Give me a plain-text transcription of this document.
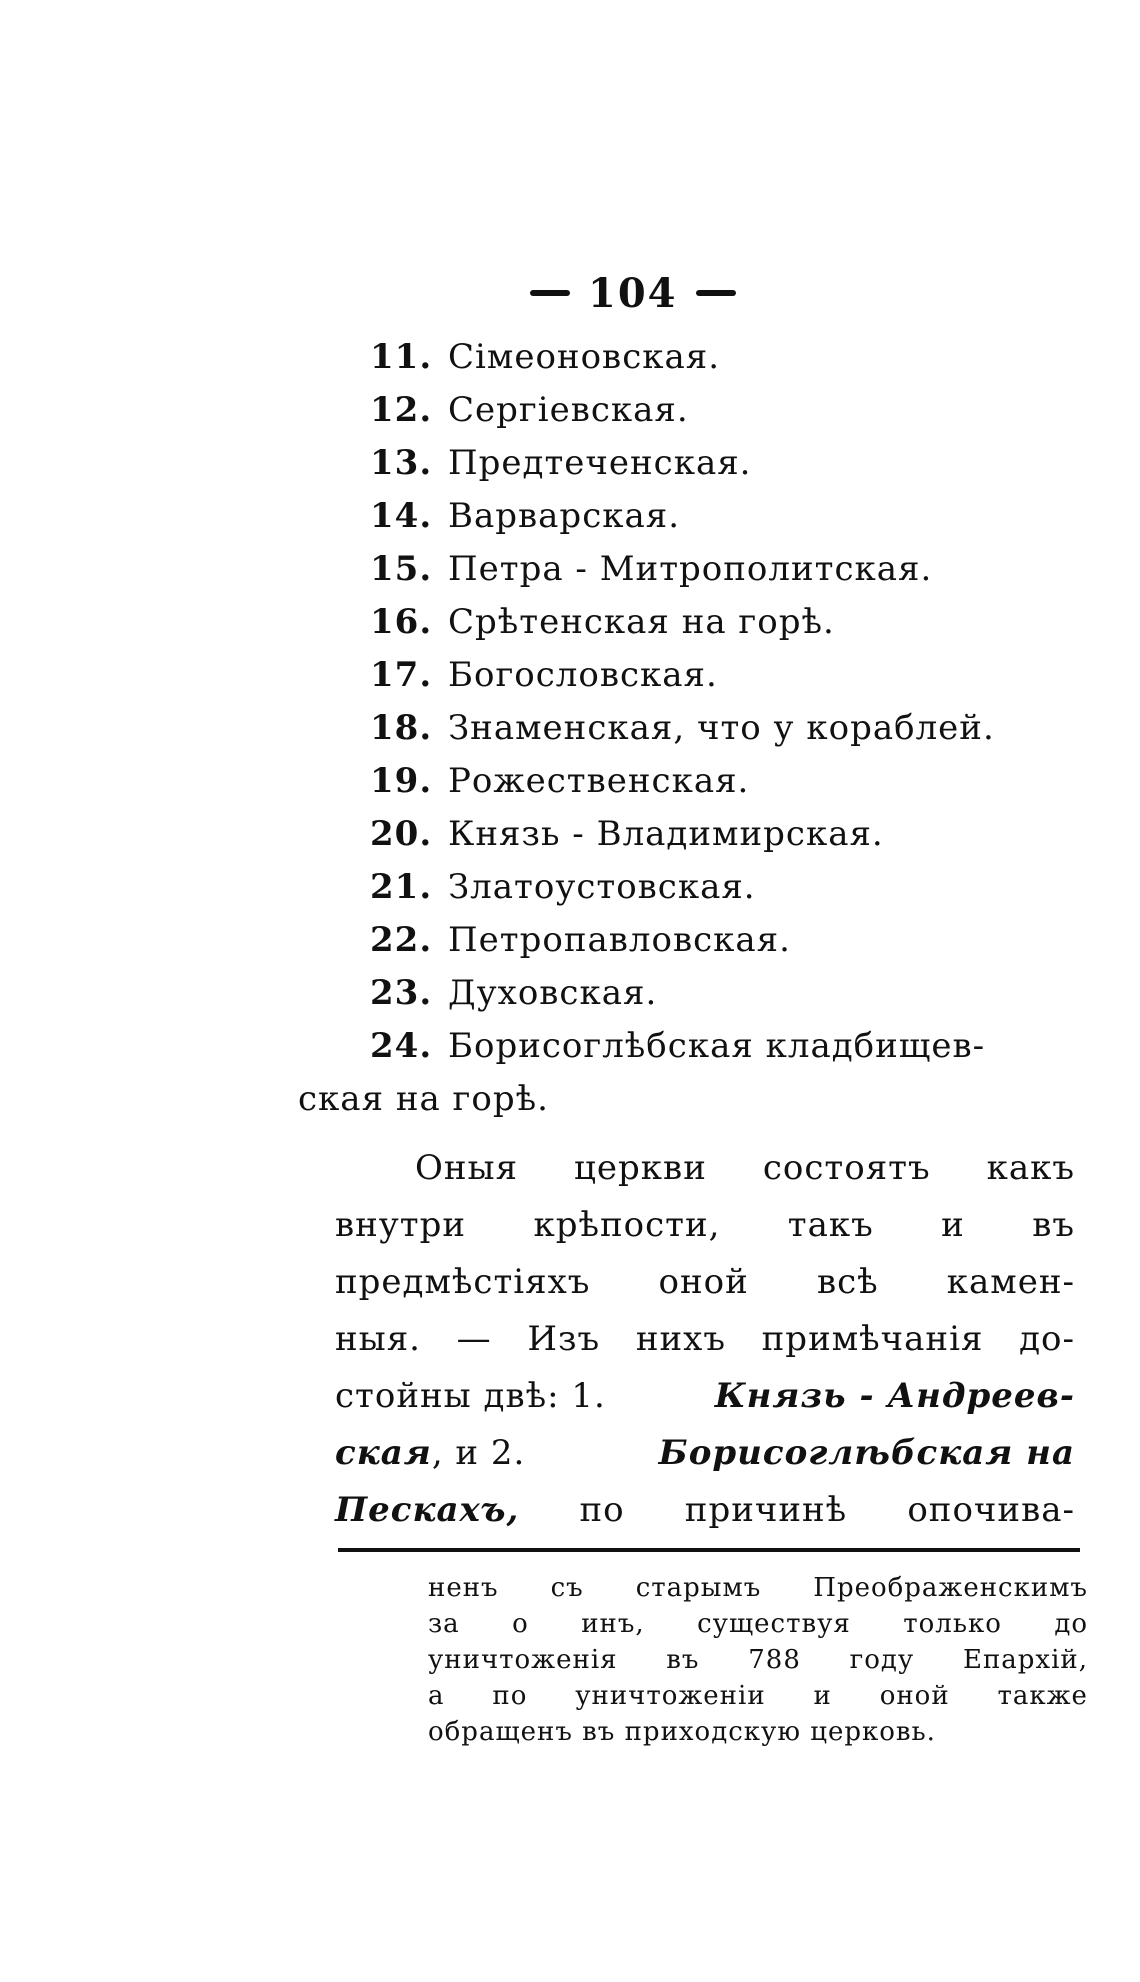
104
11. Сiмеоновская.
12. Сергiевская.
13. Предтеченская.
14. Варварская.
15. Петра - Митрополитская.
16. Срѣтенская на горѣ.
17. Богословская.
18. Знаменская, что у кораблей.
19. Рожественская.
20. Князь - Владимирская.
21. Златоустовская.
22. Петропавловская.
23. Духовская.
24. Борисоглѣбская кладбищев-
ская на горѣ.
Оныя церкви состоятъ какъ
внутри крѣпости, такъ и въ
предмѣстiяхъ оной всѣ камен-
ныя. — Изъ нихъ примѣчанiя до-
стойны двѣ: 1.	Князь - Андреев-
ская, и 2.	Борисоглѣбская на
Пескахъ, по причинѣ опочива-
ненъ съ старымъ Преображенскимъ
за о инъ, существуя только до
уничтоженiя въ 788 году Епархiй,
а по уничтоженiи и оной также
обращенъ въ приходскую церковь.
